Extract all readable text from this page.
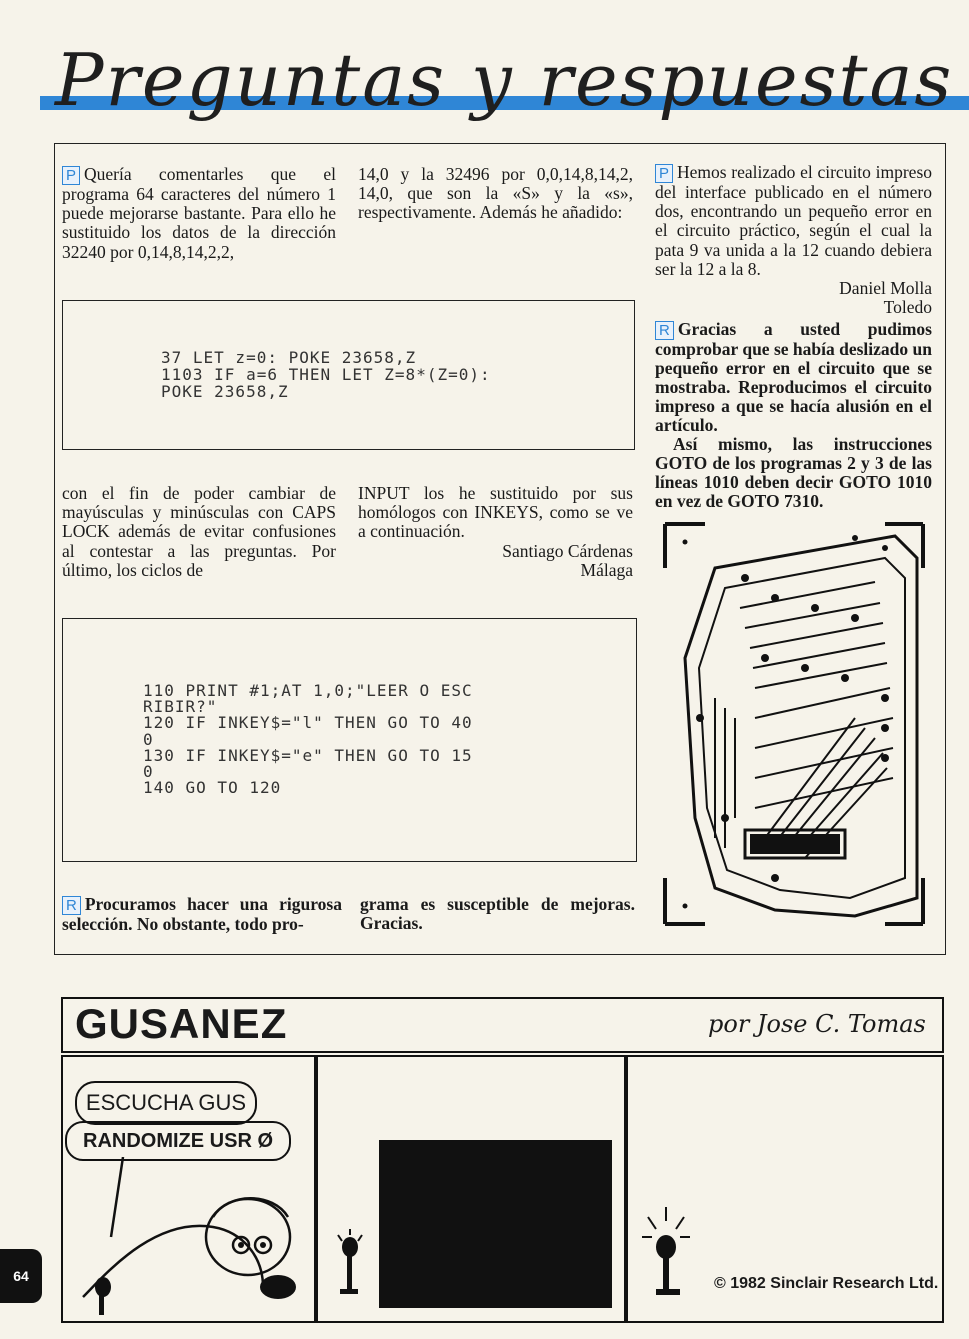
Preguntas y respuestas
P Quería comentarles que el programa 64 caracteres del número 1 puede mejorarse bastante. Para ello he sustituido los datos de la dirección 32240 por 0,14,8,14,2,2,
14,0 y la 32496 por 0,0,14,8,14,2, 14,0, que son la «S» y la «s», respectivamente. Además he añadido:
37 LET z=0: POKE 23658,Z
1103 IF a=6 THEN LET Z=8*(Z=0):
POKE 23658,Z
con el fin de poder cambiar de mayúsculas y minúsculas con CAPS LOCK además de evitar confusiones al contestar a las preguntas. Por último, los ciclos de
INPUT los he sustituido por sus homólogos con INKEYS, como se ve a continuación.
Santiago Cárdenas
Málaga
110 PRINT #1;AT 1,0;"LEER O ESC
RIBIR?"
120 IF INKEY$="l" THEN GO TO 40
0
130 IF INKEY$="e" THEN GO TO 15
0
140 GO TO 120
R Procuramos hacer una rigurosa selección. No obstante, todo pro-
grama es susceptible de mejoras. Gracias.
P Hemos realizado el circuito impreso del interface publicado en el número dos, encontrando un pequeño error en el circuito práctico, según el cual la pata 9 va unida a la 12 cuando debiera ser la 12 a la 8.
Daniel Molla
Toledo

R Gracias a usted pudimos comprobar que se había deslizado un pequeño error en el circuito que se mostraba. Reproducimos el circuito impreso a que se hacía alusión en el artículo.

Así mismo, las instrucciones GOTO de los programas 2 y 3 de las líneas 1010 deben decir GOTO 1010 en vez de GOTO 7310.

GUSANEZ	por Jose C. Tomas
ESCUCHA GUS
RANDOMIZE USR Ø
© 1982 Sinclair Research Ltd.
64
